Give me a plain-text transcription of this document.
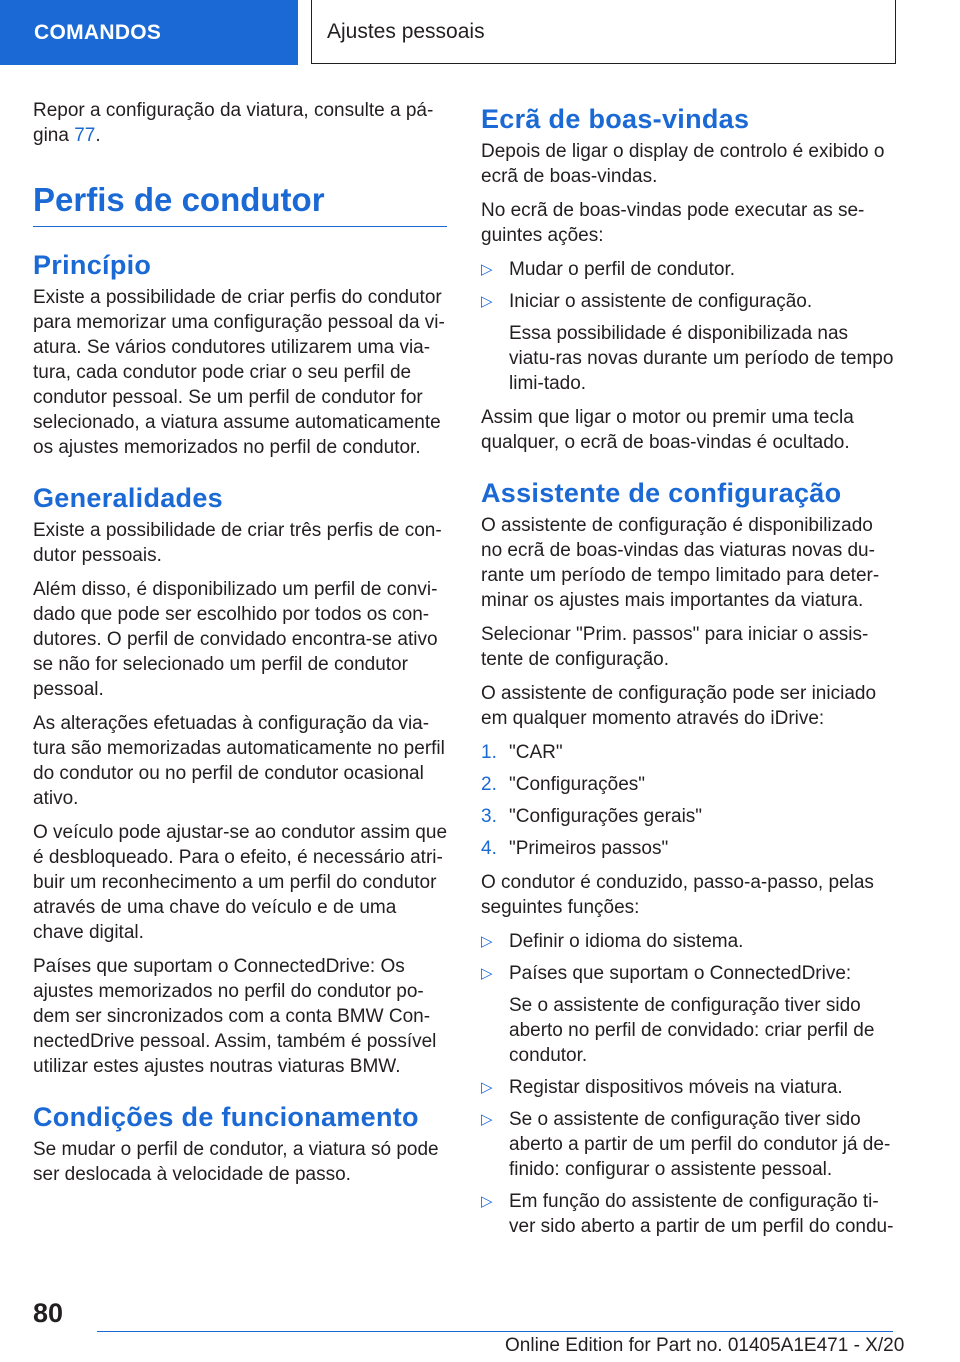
COMANDOS	Ajustes pessoais

Repor a configuração da viatura, consulte a pá-gina 77.

Perfis de condutor
Princípio

Existe a possibilidade de criar perfis do condutor para memorizar uma configuração pessoal da vi-atura. Se vários condutores utilizarem uma via-tura, cada condutor pode criar o seu perfil de condutor pessoal. Se um perfil de condutor for selecionado, a viatura assume automaticamente os ajustes memorizados no perfil de condutor.

Generalidades

Existe a possibilidade de criar três perfis de con-dutor pessoais.

Além disso, é disponibilizado um perfil de convi-dado que pode ser escolhido por todos os con-dutores. O perfil de convidado encontra-se ativo se não for selecionado um perfil de condutor pessoal.

As alterações efetuadas à configuração da via-tura são memorizadas automaticamente no perfil do condutor ou no perfil de condutor ocasional ativo.

O veículo pode ajustar-se ao condutor assim que é desbloqueado. Para o efeito, é necessário atri-buir um reconhecimento a um perfil do condutor através de uma chave do veículo e de uma chave digital.

Países que suportam o ConnectedDrive: Os ajustes memorizados no perfil do condutor po-dem ser sincronizados com a conta BMW Con-nectedDrive pessoal. Assim, também é possível utilizar estes ajustes noutras viaturas BMW.

Condições de funcionamento

Se mudar o perfil de condutor, a viatura só pode ser deslocada à velocidade de passo.

Ecrã de boas-vindas

Depois de ligar o display de controlo é exibido o ecrã de boas-vindas.

No ecrã de boas-vindas pode executar as se-guintes ações:

▷ Mudar o perfil de condutor.
▷ Iniciar o assistente de configuração.
Essa possibilidade é disponibilizada nas viatu-ras novas durante um período de tempo limi-tado.

Assim que ligar o motor ou premir uma tecla qualquer, o ecrã de boas-vindas é ocultado.

Assistente de configuração

O assistente de configuração é disponibilizado no ecrã de boas-vindas das viaturas novas du-rante um período de tempo limitado para deter-minar os ajustes mais importantes da viatura.

Selecionar "Prim. passos" para iniciar o assis-tente de configuração.

O assistente de configuração pode ser iniciado em qualquer momento através do iDrive:

1. "CAR"
2. "Configurações"
3. "Configurações gerais"
4. "Primeiros passos"

O condutor é conduzido, passo-a-passo, pelas seguintes funções:

▷ Definir o idioma do sistema.
▷ Países que suportam o ConnectedDrive:
Se o assistente de configuração tiver sido aberto no perfil de convidado: criar perfil de condutor.
▷ Registar dispositivos móveis na viatura.
▷ Se o assistente de configuração tiver sido aberto a partir de um perfil do condutor já de-finido: configurar o assistente pessoal.
▷ Em função do assistente de configuração ti-ver sido aberto a partir de um perfil do condu-
80
Online Edition for Part no. 01405A1E471 - X/20
